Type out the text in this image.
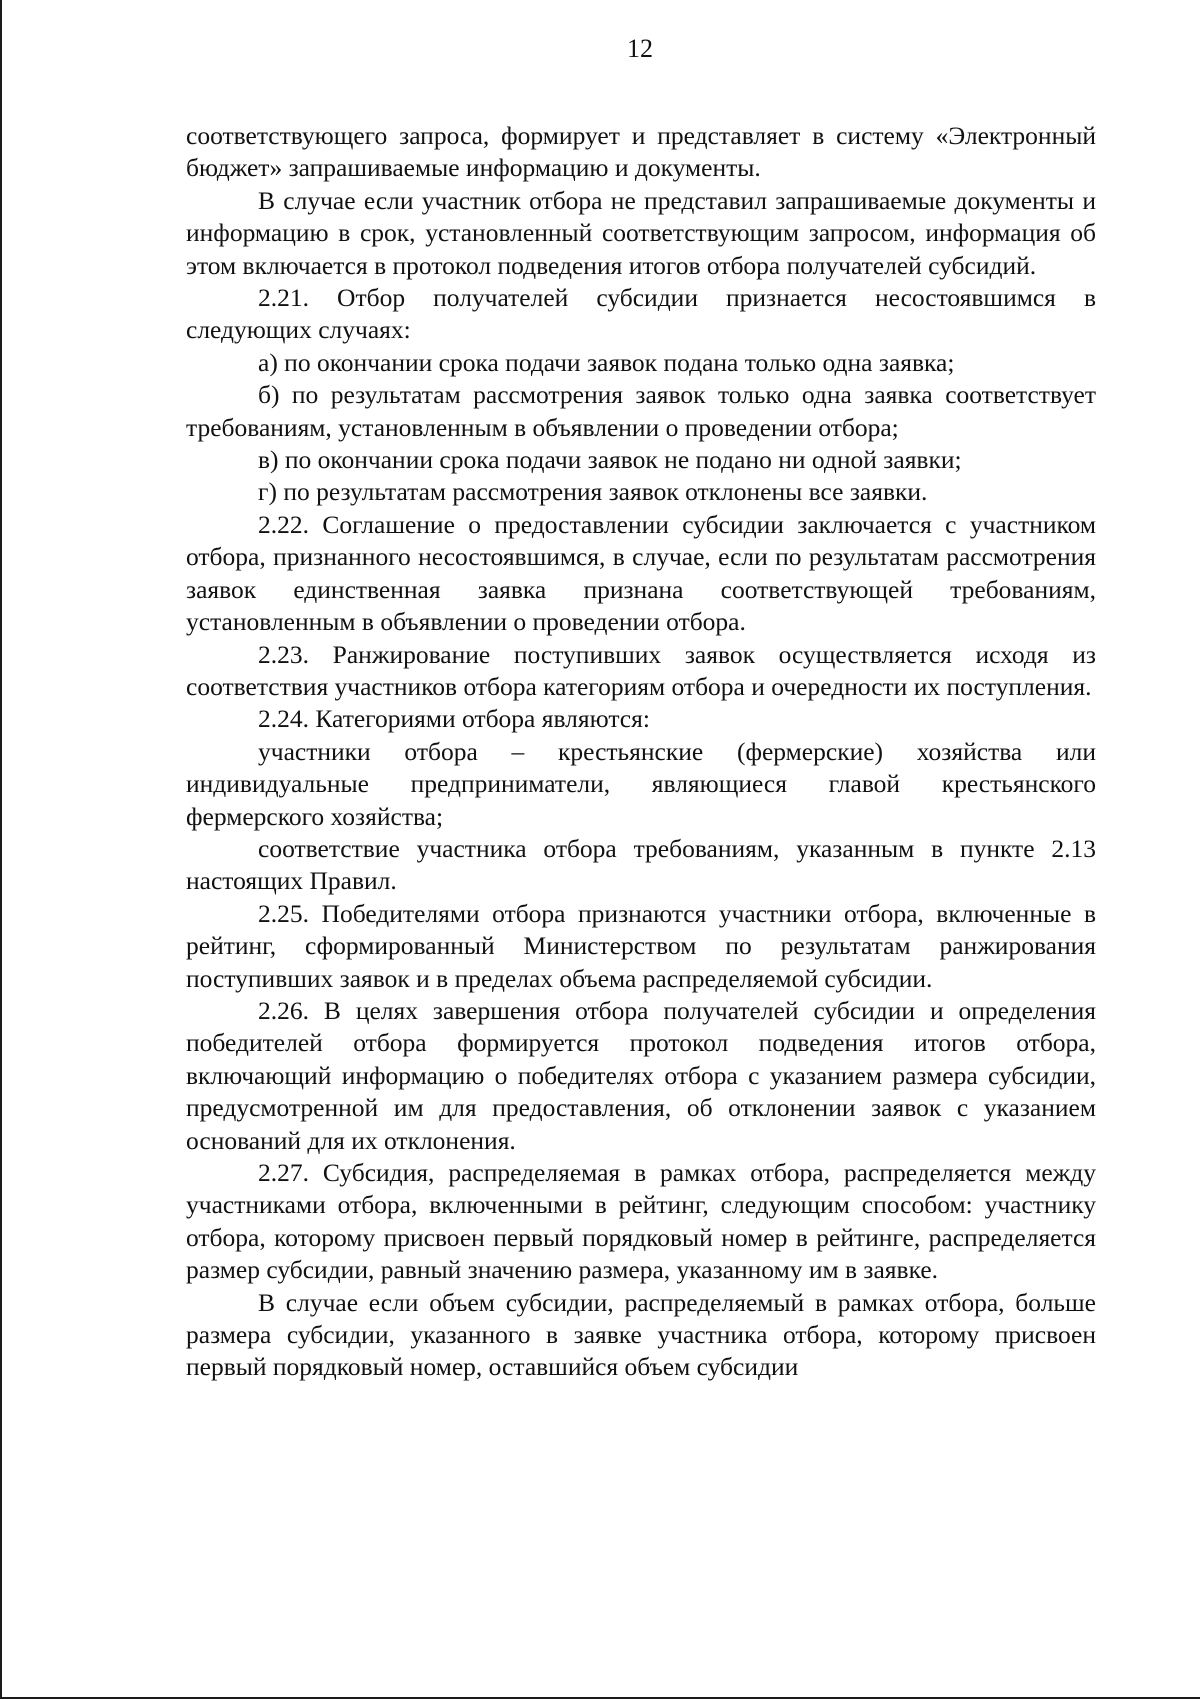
12

соответствующего запроса, формирует и представляет в систему «Электронный бюджет» запрашиваемые информацию и документы.

В случае если участник отбора не представил запрашиваемые документы и информацию в срок, установленный соответствующим запросом, информация об этом включается в протокол подведения итогов отбора получателей субсидий.

2.21. Отбор получателей субсидии признается несостоявшимся в следующих случаях:

а) по окончании срока подачи заявок подана только одна заявка;

б) по результатам рассмотрения заявок только одна заявка соответствует требованиям, установленным в объявлении о проведении отбора;

в) по окончании срока подачи заявок не подано ни одной заявки;

г) по результатам рассмотрения заявок отклонены все заявки.

2.22. Соглашение о предоставлении субсидии заключается с участником отбора, признанного несостоявшимся, в случае, если по результатам рассмотрения заявок единственная заявка признана соответствующей требованиям, установленным в объявлении о проведении отбора.

2.23. Ранжирование поступивших заявок осуществляется исходя из соответствия участников отбора категориям отбора и очередности их поступления.

2.24. Категориями отбора являются:

участники отбора – крестьянские (фермерские) хозяйства или индивидуальные предприниматели, являющиеся главой крестьянского фермерского хозяйства;

соответствие участника отбора требованиям, указанным в пункте 2.13 настоящих Правил.

2.25. Победителями отбора признаются участники отбора, включенные в рейтинг, сформированный Министерством по результатам ранжирования поступивших заявок и в пределах объема распределяемой субсидии.

2.26. В целях завершения отбора получателей субсидии и определения победителей отбора формируется протокол подведения итогов отбора, включающий информацию о победителях отбора с указанием размера субсидии, предусмотренной им для предоставления, об отклонении заявок с указанием оснований для их отклонения.

2.27. Субсидия, распределяемая в рамках отбора, распределяется между участниками отбора, включенными в рейтинг, следующим способом: участнику отбора, которому присвоен первый порядковый номер в рейтинге, распределяется размер субсидии, равный значению размера, указанному им в заявке.

В случае если объем субсидии, распределяемый в рамках отбора, больше размера субсидии, указанного в заявке участника отбора, которому присвоен первый порядковый номер, оставшийся объем субсидии
